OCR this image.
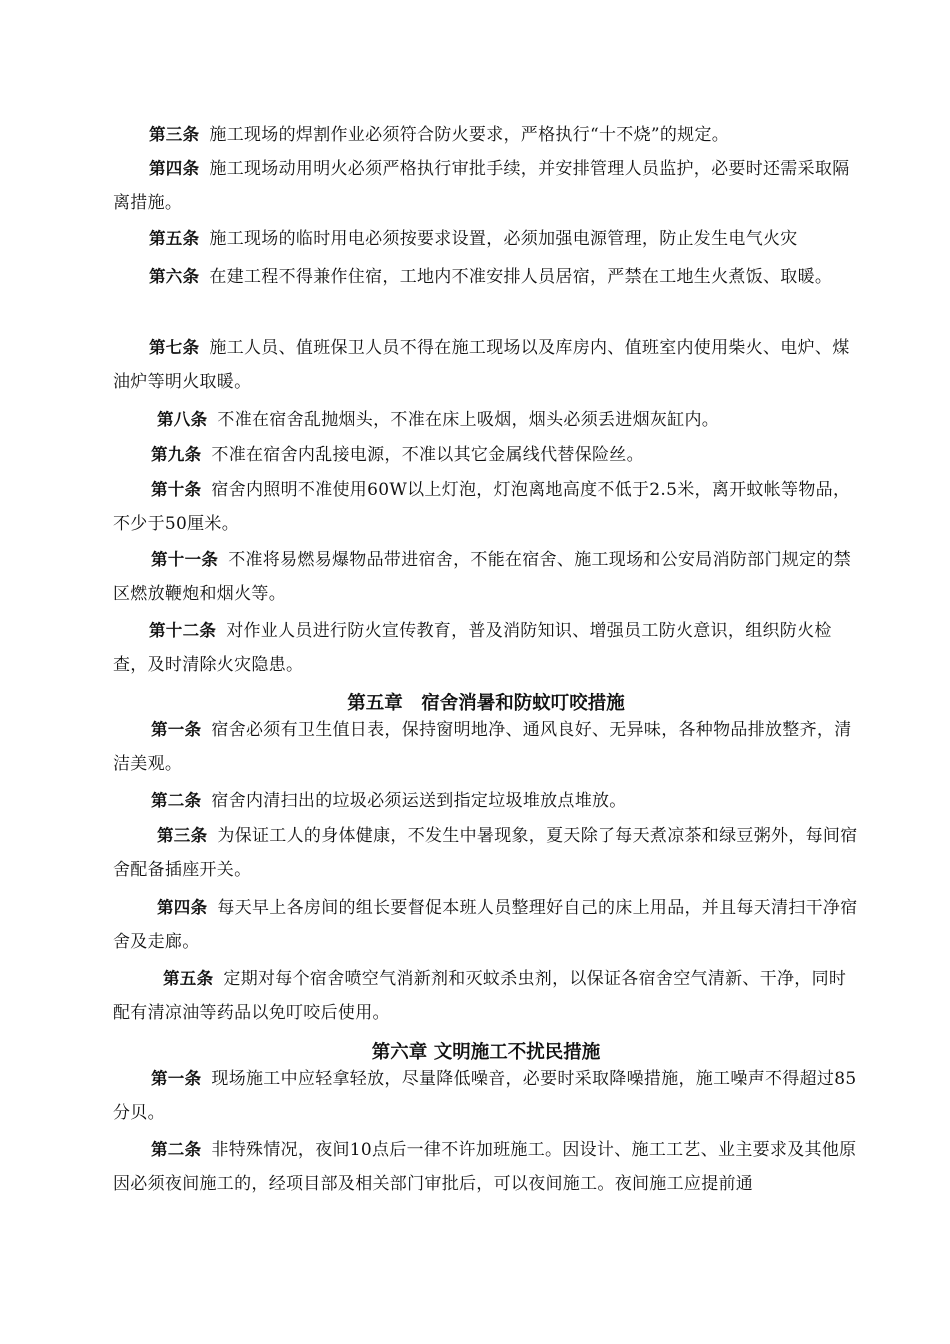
第三条 施工现场的焊割作业必须符合防火要求，严格执行“十不烧”的规定。
第四条 施工现场动用明火必须严格执行审批手续，并安排管理人员监护，必要时还需采取隔离措施。
第五条 施工现场的临时用电必须按要求设置，必须加强电源管理，防止发生电气火灾
第六条 在建工程不得兼作住宿，工地内不准安排人员居宿，严禁在工地生火煮饭、取暖。
第七条 施工人员、值班保卫人员不得在施工现场以及库房内、值班室内使用柴火、电炉、煤油炉等明火取暖。
第八条 不准在宿舍乱抛烟头，不准在床上吸烟，烟头必须丢进烟灰缸内。
第九条 不准在宿舍内乱接电源，不准以其它金属线代替保险丝。
第十条 宿舍内照明不准使用60W以上灯泡，灯泡离地高度不低于2.5米，离开蚊帐等物品，不少于50厘米。
第十一条 不准将易燃易爆物品带进宿舍，不能在宿舍、施工现场和公安局消防部门规定的禁区燃放鞭炮和烟火等。
第十二条 对作业人员进行防火宣传教育，普及消防知识、增强员工防火意识，组织防火检查，及时清除火灾隐患。
第五章　宿舍消暑和防蚊叮咬措施
第一条 宿舍必须有卫生值日表，保持窗明地净、通风良好、无异味，各种物品排放整齐，清洁美观。
第二条 宿舍内清扫出的垃圾必须运送到指定垃圾堆放点堆放。
第三条 为保证工人的身体健康，不发生中暑现象，夏天除了每天煮凉茶和绿豆粥外，每间宿舍配备插座开关。
第四条 每天早上各房间的组长要督促本班人员整理好自己的床上用品，并且每天清扫干净宿舍及走廊。
第五条 定期对每个宿舍喷空气消新剂和灭蚊杀虫剂，以保证各宿舍空气清新、干净，同时配有清凉油等药品以免叮咬后使用。
第六章 文明施工不扰民措施
第一条 现场施工中应轻拿轻放，尽量降低噪音，必要时采取降噪措施，施工噪声不得超过85分贝。
第二条 非特殊情况，夜间10点后一律不许加班施工。因设计、施工工艺、业主要求及其他原因必须夜间施工的，经项目部及相关部门审批后，可以夜间施工。夜间施工应提前通
